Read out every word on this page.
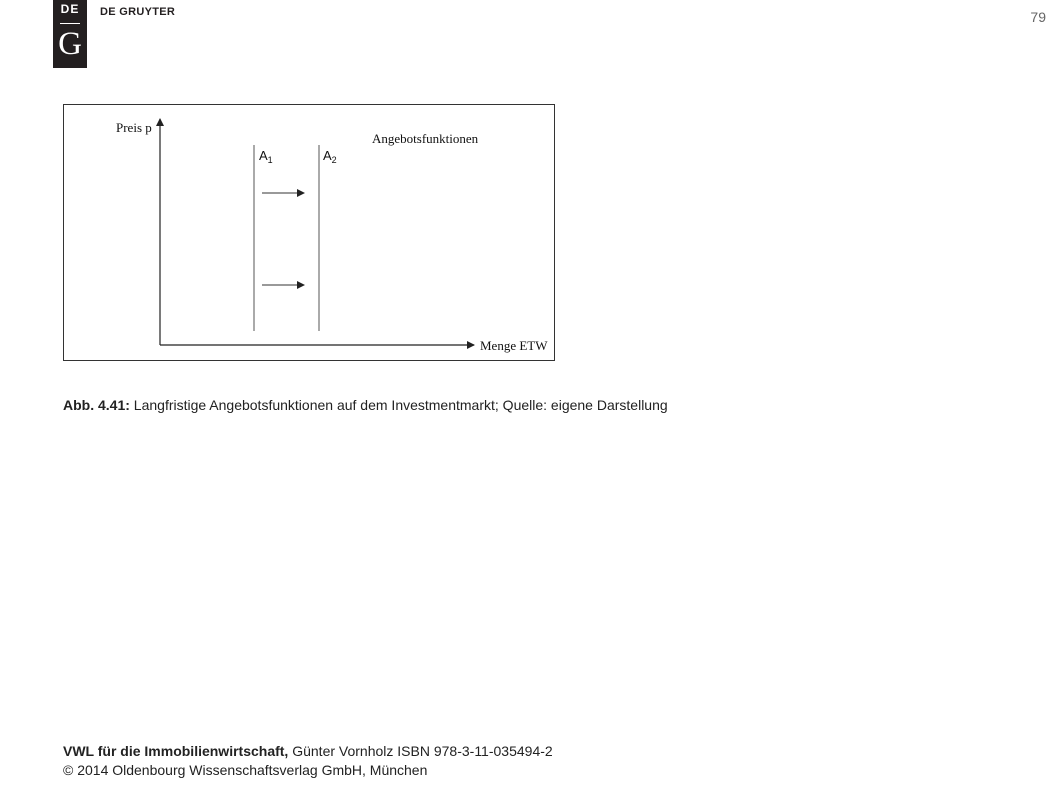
DE
G
DE GRUYTER	79
Preis p
Menge ETW
Angebotsfunktionen
$A_1$	$A_2$
Abb. 4.41: Langfristige Angebotsfunktionen auf dem Investmentmarkt; Quelle: eigene Darstellung
VWL für die Immobilienwirtschaft, Günter Vornholz ISBN 978-3-11-035494-2
© 2014 Oldenbourg Wissenschaftsverlag GmbH, München
